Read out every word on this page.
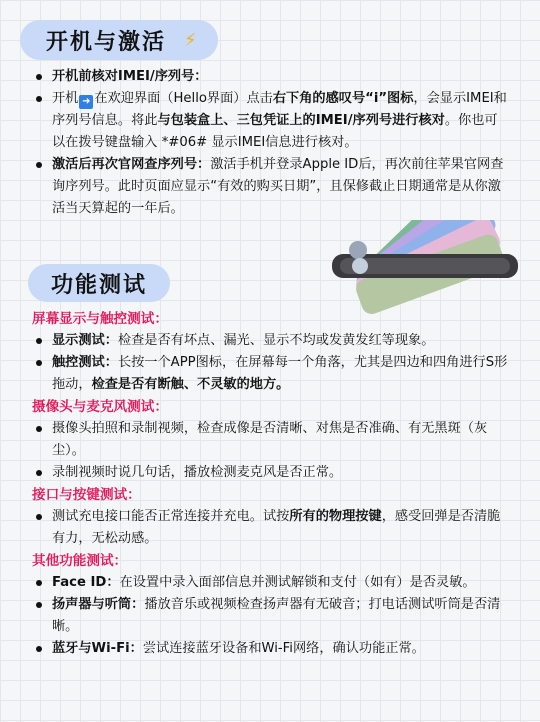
开机与激活 ⚡
开机前核对IMEI/序列号：
开机 ➜ 在欢迎界面（Hello界面）点击右下角的感叹号“i”图标，会显示IMEI和序列号信息。将此与包装盒上、三包凭证上的IMEI/序列号进行核对。你也可以在拨号键盘输入 *#06# 显示IMEI信息进行核对。
激活后再次官网查序列号：激活手机并登录Apple ID后，再次前往苹果官网查询序列号。此时页面应显示“有效的购买日期”，且保修截止日期通常是从你激活当天算起的一年后。
功能测试
屏幕显示与触控测试：
显示测试：检查是否有坏点、漏光、显示不均或发黄发红等现象。
触控测试：长按一个APP图标，在屏幕每一个角落，尤其是四边和四角进行S形拖动，检查是否有断触、不灵敏的地方。
摄像头与麦克风测试：
摄像头拍照和录制视频，检查成像是否清晰、对焦是否准确、有无黑斑（灰尘）。
录制视频时说几句话，播放检测麦克风是否正常。
接口与按键测试：
测试充电接口能否正常连接并充电。试按所有的物理按键，感受回弹是否清脆有力，无松动感。
其他功能测试：
Face ID：在设置中录入面部信息并测试解锁和支付（如有）是否灵敏。
扬声器与听筒：播放音乐或视频检查扬声器有无破音；打电话测试听筒是否清晰。
蓝牙与Wi-Fi：尝试连接蓝牙设备和Wi-Fi网络，确认功能正常。
